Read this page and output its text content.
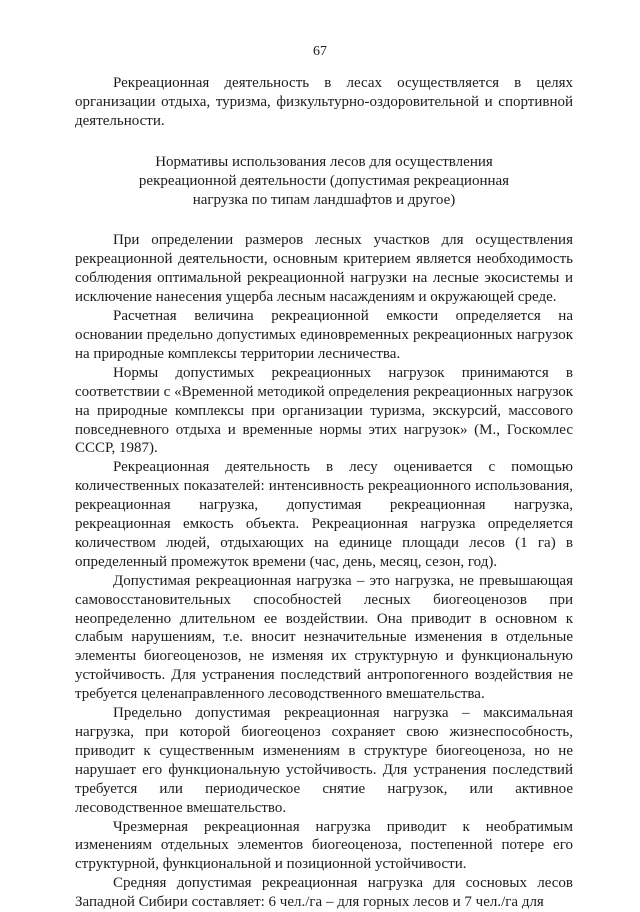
67

Рекреационная деятельность в лесах осуществляется в целях организации отдыха, туризма, физкультурно-оздоровительной и спортивной деятельности.

Нормативы использования лесов для осуществления
рекреационной деятельности (допустимая рекреационная
нагрузка по типам ландшафтов и другое)

При определении размеров лесных участков для осуществления рекреационной деятельности, основным критерием является необходимость соблюдения оптимальной рекреационной нагрузки на лесные экосистемы и исключение нанесения ущерба лесным насаждениям и окружающей среде.

Расчетная величина рекреационной емкости определяется на основании предельно допустимых единовременных рекреационных нагрузок на природные комплексы территории лесничества.

Нормы допустимых рекреационных нагрузок принимаются в соответствии с «Временной методикой определения рекреационных нагрузок на природные комплексы при организации туризма, экскурсий, массового повседневного отдыха и временные нормы этих нагрузок» (М., Госкомлес СССР, 1987).

Рекреационная деятельность в лесу оценивается с помощью количественных показателей: интенсивность рекреационного использования, рекреационная нагрузка, допустимая рекреационная нагрузка, рекреационная емкость объекта. Рекреационная нагрузка определяется количеством людей, отдыхающих на единице площади лесов (1 га) в определенный промежуток времени (час, день, месяц, сезон, год).

Допустимая рекреационная нагрузка – это нагрузка, не превышающая самовосстановительных способностей лесных биогеоценозов при неопределенно длительном ее воздействии. Она приводит в основном к слабым нарушениям, т.е. вносит незначительные изменения в отдельные элементы биогеоценозов, не изменяя их структурную и функциональную устойчивость. Для устранения последствий антропогенного воздействия не требуется целенаправленного лесоводственного вмешательства.

Предельно допустимая рекреационная нагрузка – максимальная нагрузка, при которой биогеоценоз сохраняет свою жизнеспособность, приводит к существенным изменениям в структуре биогеоценоза, но не нарушает его функциональную устойчивость. Для устранения последствий требуется или периодическое снятие нагрузок, или активное лесоводственное вмешательство.

Чрезмерная рекреационная нагрузка приводит к необратимым изменениям отдельных элементов биогеоценоза, постепенной потере его структурной, функциональной и позиционной устойчивости.

Средняя допустимая рекреационная нагрузка для сосновых лесов Западной Сибири составляет: 6 чел./га – для горных лесов и 7 чел./га для
